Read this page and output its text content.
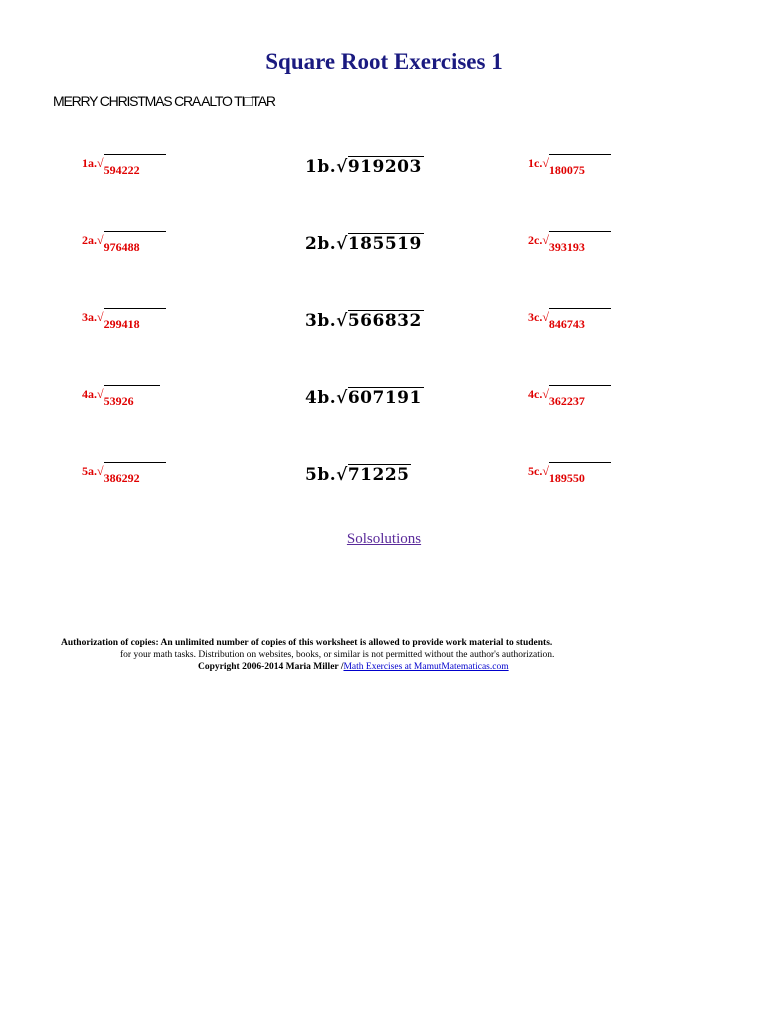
Square Root Exercises 1
MERRY CHRISTMAS CRA ALTO TI□TAR
1a.√594222	1b.√919203	1c.√180075
2a.√976488	2b.√185519	2c.√393193
3a.√299418	3b.√566832	3c.√846743
4a.√53926	4b.√607191	4c.√362237
5a.√386292	5b.√71225	5c.√189550
Solsolutions
Authorization of copies: An unlimited number of copies of this worksheet is allowed to provide work material to students.
for your math tasks. Distribution on websites, books, or similar is not permitted without the author's authorization.
Copyright 2006-2014 Maria Miller /Math Exercises at MamutMatematicas.com
